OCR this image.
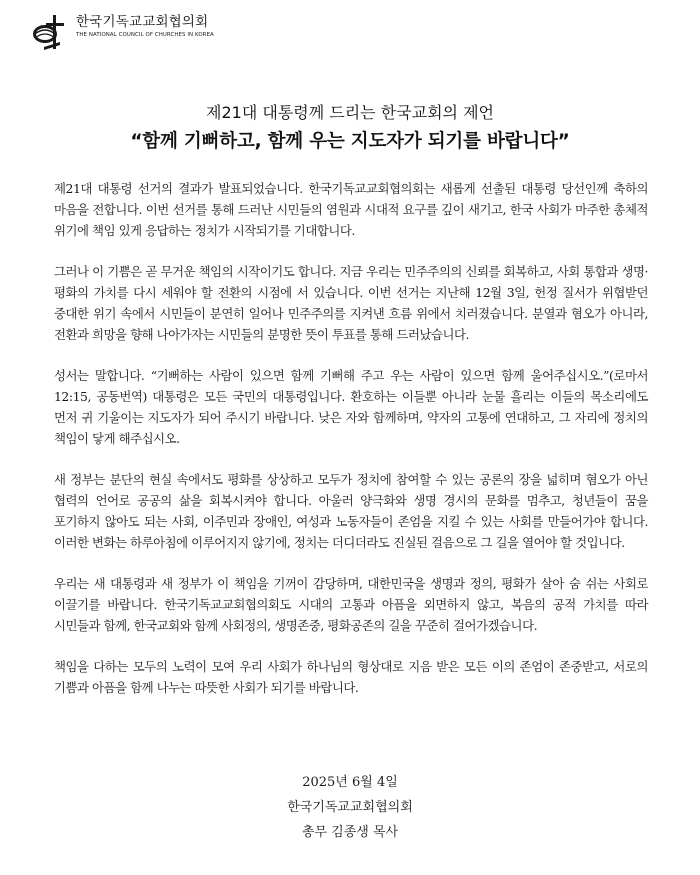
한국기독교교회협의회
THE NATIONAL COUNCIL OF CHURCHES IN KOREA
제21대 대통령께 드리는 한국교회의 제언
“함께 기뻐하고, 함께 우는 지도자가 되기를 바랍니다”

제21대 대통령 선거의 결과가 발표되었습니다. 한국기독교교회협의회는 새롭게 선출된 대통령 당선인께 축하의 마음을 전합니다. 이번 선거를 통해 드러난 시민들의 염원과 시대적 요구를 깊이 새기고, 한국 사회가 마주한 총체적 위기에 책임 있게 응답하는 정치가 시작되기를 기대합니다.

그러나 이 기쁨은 곧 무거운 책임의 시작이기도 합니다. 지금 우리는 민주주의의 신뢰를 회복하고, 사회 통합과 생명·평화의 가치를 다시 세워야 할 전환의 시점에 서 있습니다. 이번 선거는 지난해 12월 3일, 헌정 질서가 위협받던 중대한 위기 속에서 시민들이 분연히 일어나 민주주의를 지켜낸 흐름 위에서 치러졌습니다. 분열과 혐오가 아니라, 전환과 희망을 향해 나아가자는 시민들의 분명한 뜻이 투표를 통해 드러났습니다.

성서는 말합니다. “기뻐하는 사람이 있으면 함께 기뻐해 주고 우는 사람이 있으면 함께 울어주십시오.”(로마서 12:15, 공동번역) 대통령은 모든 국민의 대통령입니다. 환호하는 이들뿐 아니라 눈물 흘리는 이들의 목소리에도 먼저 귀 기울이는 지도자가 되어 주시기 바랍니다. 낮은 자와 함께하며, 약자의 고통에 연대하고, 그 자리에 정치의 책임이 닿게 해주십시오.

새 정부는 분단의 현실 속에서도 평화를 상상하고 모두가 정치에 참여할 수 있는 공론의 장을 넓히며 혐오가 아닌 협력의 언어로 공공의 삶을 회복시켜야 합니다. 아울러 양극화와 생명 경시의 문화를 멈추고, 청년들이 꿈을 포기하지 않아도 되는 사회, 이주민과 장애인, 여성과 노동자들이 존엄을 지킬 수 있는 사회를 만들어가야 합니다. 이러한 변화는 하루아침에 이루어지지 않기에, 정치는 더디더라도 진실된 걸음으로 그 길을 열어야 할 것입니다.

우리는 새 대통령과 새 정부가 이 책임을 기꺼이 감당하며, 대한민국을 생명과 정의, 평화가 살아 숨 쉬는 사회로 이끌기를 바랍니다. 한국기독교교회협의회도 시대의 고통과 아픔을 외면하지 않고, 복음의 공적 가치를 따라 시민들과 함께, 한국교회와 함께 사회정의, 생명존중, 평화공존의 길을 꾸준히 걸어가겠습니다.

책임을 다하는 모두의 노력이 모여 우리 사회가 하나님의 형상대로 지음 받은 모든 이의 존엄이 존중받고, 서로의 기쁨과 아픔을 함께 나누는 따뜻한 사회가 되기를 바랍니다.

2025년 6월 4일
한국기독교교회협의회
총무 김종생 목사
